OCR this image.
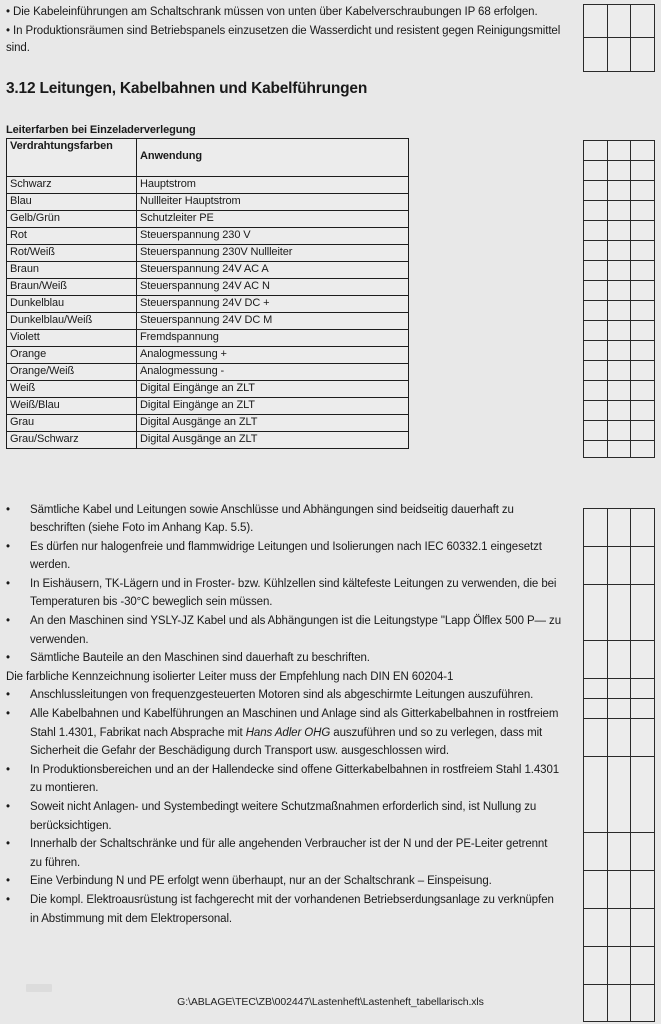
• Die Kabeleinführungen am Schaltschrank müssen von unten über Kabelverschraubungen IP 68 erfolgen.

• In Produktionsräumen sind Betriebspanels einzusetzen die Wasserdicht und resistent gegen Reinigungsmittel sind.

3.12 Leitungen, Kabelbahnen und Kabelführungen
Leiterfarben bei Einzeladerverlegung
Verdrahtungsfarben	Anwendung
Schwarz	Hauptstrom
Blau	Nullleiter Hauptstrom
Gelb/Grün	Schutzleiter PE
Rot	Steuerspannung 230 V
Rot/Weiß	Steuerspannung 230V Nullleiter
Braun	Steuerspannung 24V AC A
Braun/Weiß	Steuerspannung 24V AC N
Dunkelblau	Steuerspannung 24V DC +
Dunkelblau/Weiß	Steuerspannung 24V DC M
Violett	Fremdspannung
Orange	Analogmessung +
Orange/Weiß	Analogmessung -
Weiß	Digital Eingänge an ZLT
Weiß/Blau	Digital Eingänge an ZLT
Grau	Digital Ausgänge an ZLT
Grau/Schwarz	Digital Ausgänge an ZLT

• Sämtliche Kabel und Leitungen sowie Anschlüsse und Abhängungen sind beidseitig dauerhaft zu beschriften (siehe Foto im Anhang Kap. 5.5).

• Es dürfen nur halogenfreie und flammwidrige Leitungen und Isolierungen nach IEC 60332.1 eingesetzt werden.

• In Eishäusern, TK-Lägern und in Froster- bzw. Kühlzellen sind kältefeste Leitungen zu verwenden, die bei Temperaturen bis -30°C beweglich sein müssen.

• An den Maschinen sind YSLY-JZ Kabel und als Abhängungen ist die Leitungstype "Lapp Ölflex 500 P— zu verwenden.

• Sämtliche Bauteile an den Maschinen sind dauerhaft zu beschriften.

Die farbliche Kennzeichnung isolierter Leiter muss der Empfehlung nach DIN EN 60204-1

• Anschlussleitungen von frequenzgesteuerten Motoren sind als abgeschirmte Leitungen auszuführen.

• Alle Kabelbahnen und Kabelführungen an Maschinen und Anlage sind als Gitterkabelbahnen in rostfreiem Stahl 1.4301, Fabrikat nach Absprache mit Hans Adler OHG auszuführen und so zu verlegen, dass mit Sicherheit die Gefahr der Beschädigung durch Transport usw. ausgeschlossen wird.

• In Produktionsbereichen und an der Hallendecke sind offene Gitterkabelbahnen in rostfreiem Stahl 1.4301 zu montieren.

• Soweit nicht Anlagen- und Systembedingt weitere Schutzmaßnahmen erforderlich sind, ist Nullung zu berücksichtigen.

• Innerhalb der Schaltschränke und für alle angehenden Verbraucher ist der N und der PE-Leiter getrennt zu führen.

• Eine Verbindung N und PE erfolgt wenn überhaupt, nur an der Schaltschrank – Einspeisung.

• Die kompl. Elektroausrüstung ist fachgerecht mit der vorhandenen Betriebserdungsanlage zu verknüpfen in Abstimmung mit dem Elektropersonal.

G:\ABLAGE\TEC\ZB\002447\Lastenheft\Lastenheft_tabellarisch.xls
